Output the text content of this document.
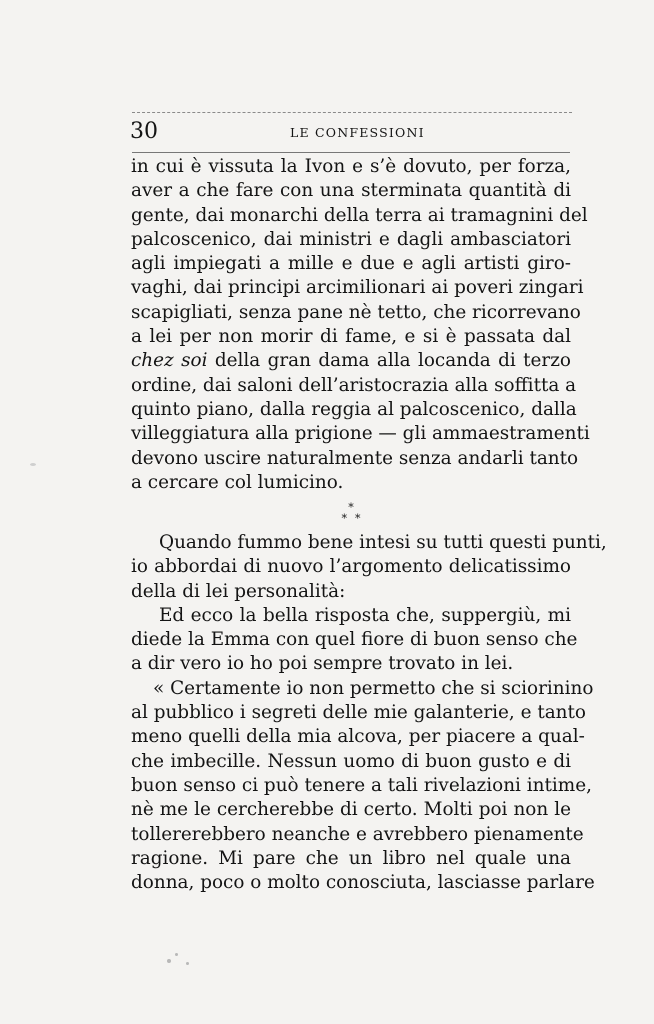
30	LE CONFESSIONI
in cui è vissuta la Ivon e s’è dovuto, per forza,
aver a che fare con una sterminata quantità di
gente, dai monarchi della terra ai tramagnini del
palcoscenico, dai ministri e dagli ambasciatori
agli impiegati a mille e due e agli artisti giro-
vaghi, dai principi arcimilionari ai poveri zingari
scapigliati, senza pane nè tetto, che ricorrevano
a lei per non morir di fame, e si è passata dal
chez soi della gran dama alla locanda di terzo
ordine, dai saloni dell’aristocrazia alla soffitta a
quinto piano, dalla reggia al palcoscenico, dalla
villeggiatura alla prigione — gli ammaestramenti
devono uscire naturalmente senza andarli tanto
a cercare col lumicino.
*
**
Quando fummo bene intesi su tutti questi punti,
io abbordai di nuovo l’argomento delicatissimo
della di lei personalità:
Ed ecco la bella risposta che, suppergiù, mi
diede la Emma con quel fiore di buon senso che
a dir vero io ho poi sempre trovato in lei.
« Certamente io non permetto che si sciorinino
al pubblico i segreti delle mie galanterie, e tanto
meno quelli della mia alcova, per piacere a qual-
che imbecille. Nessun uomo di buon gusto e di
buon senso ci può tenere a tali rivelazioni intime,
nè me le cercherebbe di certo. Molti poi non le
tollererebbero neanche e avrebbero pienamente
ragione. Mi pare che un libro nel quale una
donna, poco o molto conosciuta, lasciasse parlare
